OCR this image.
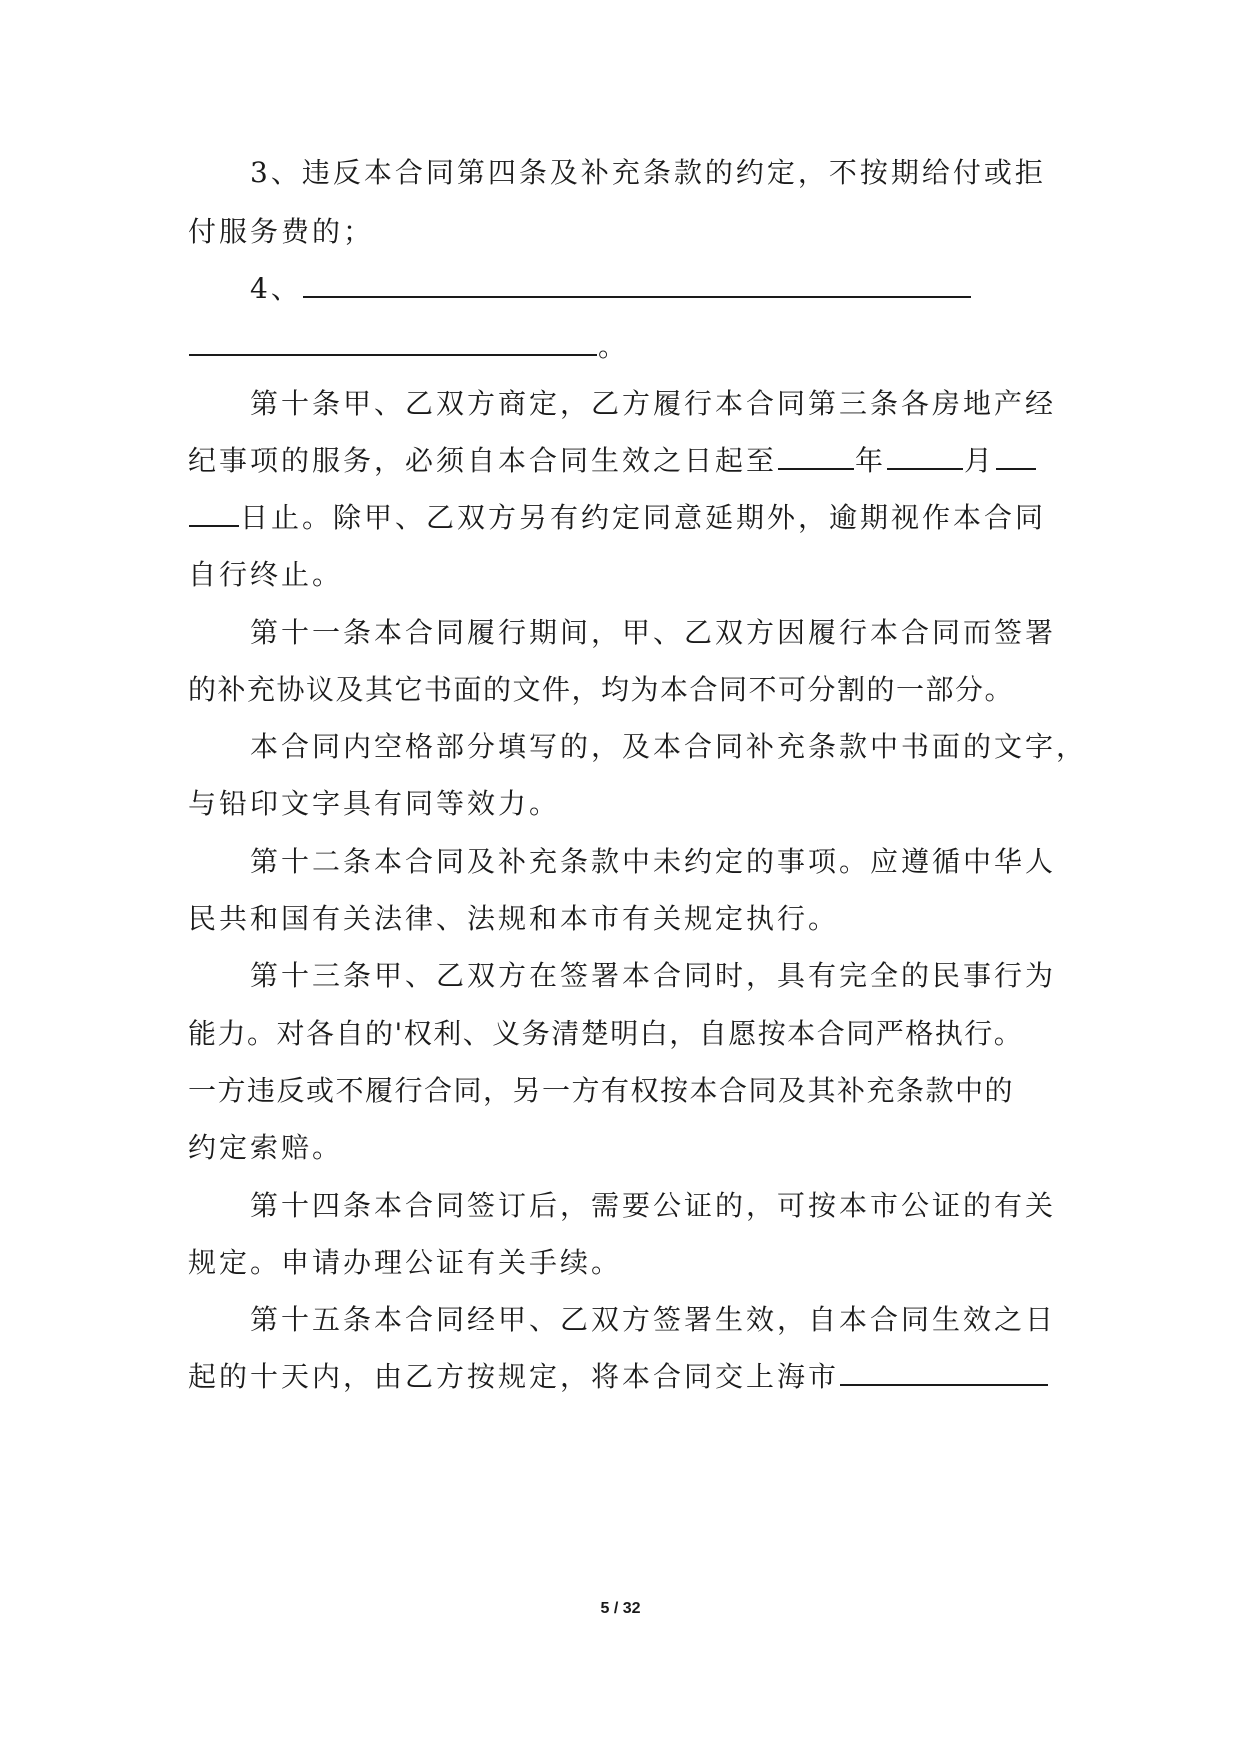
3、违反本合同第四条及补充条款的约定，不按期给付或拒
付服务费的；
4、
。
第十条甲、乙双方商定，乙方履行本合同第三条各房地产经
纪事项的服务，必须自本合同生效之日起至	年	月
日止。除甲、乙双方另有约定同意延期外，逾期视作本合同
自行终止。
第十一条本合同履行期间，甲、乙双方因履行本合同而签署
的补充协议及其它书面的文件，均为本合同不可分割的一部分。
本合同内空格部分填写的，及本合同补充条款中书面的文字，
与铅印文字具有同等效力。
第十二条本合同及补充条款中未约定的事项。应遵循中华人
民共和国有关法律、法规和本市有关规定执行。
第十三条甲、乙双方在签署本合同时，具有完全的民事行为
能力。对各自的'权利、义务清楚明白，自愿按本合同严格执行。
一方违反或不履行合同，另一方有权按本合同及其补充条款中的
约定索赔。
第十四条本合同签订后，需要公证的，可按本市公证的有关
规定。申请办理公证有关手续。
第十五条本合同经甲、乙双方签署生效，自本合同生效之日
起的十天内，由乙方按规定，将本合同交上海市
5 / 32
